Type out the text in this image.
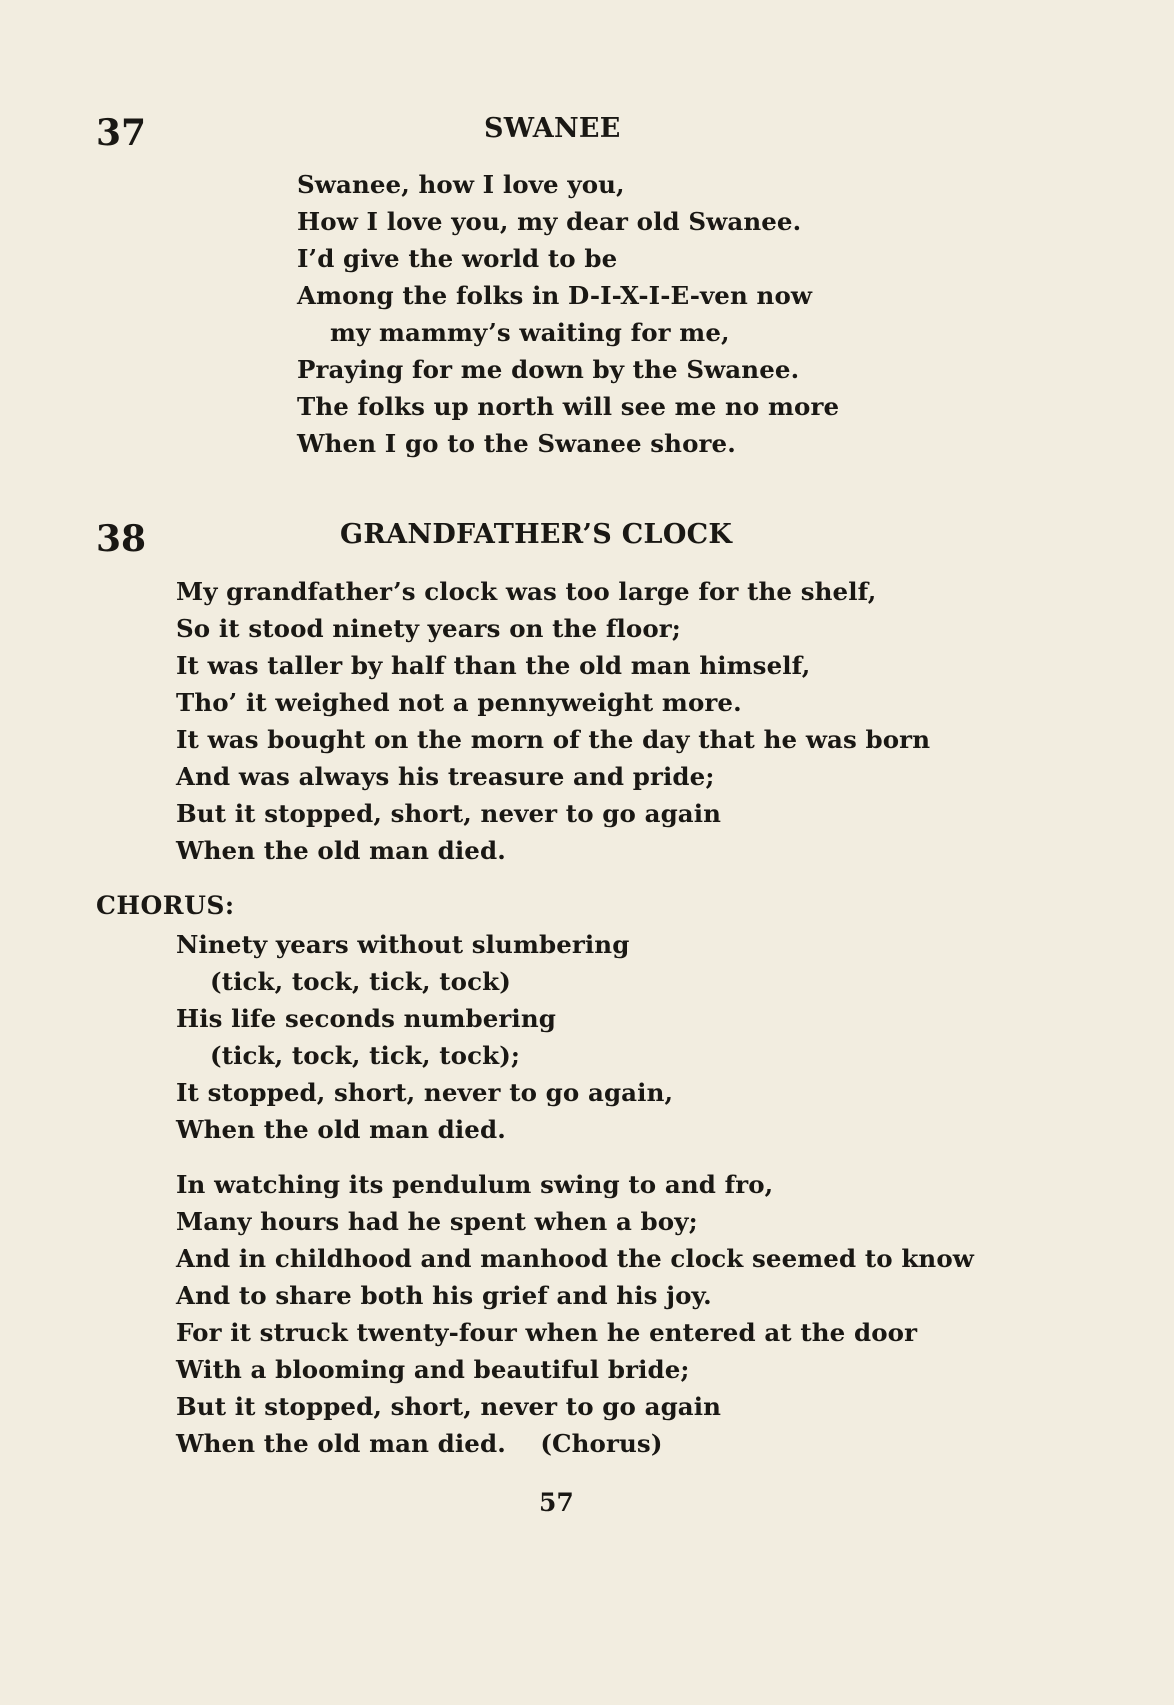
37	SWANEE
Swanee, how I love you,
How I love you, my dear old Swanee.
I’d give the world to be
Among the folks in D-I-X-I-E-ven now
my mammy’s waiting for me,
Praying for me down by the Swanee.
The folks up north will see me no more
When I go to the Swanee shore.
38	GRANDFATHER’S CLOCK
My grandfather’s clock was too large for the shelf,
So it stood ninety years on the floor;
It was taller by half than the old man himself,
Tho’ it weighed not a pennyweight more.
It was bought on the morn of the day that he was born
And was always his treasure and pride;
But it stopped, short, never to go again
When the old man died.
CHORUS:
Ninety years without slumbering
(tick, tock, tick, tock)
His life seconds numbering
(tick, tock, tick, tock);
It stopped, short, never to go again,
When the old man died.
In watching its pendulum swing to and fro,
Many hours had he spent when a boy;
And in childhood and manhood the clock seemed to know
And to share both his grief and his joy.
For it struck twenty-four when he entered at the door
With a blooming and beautiful bride;
But it stopped, short, never to go again
When the old man died.    (Chorus)
57
